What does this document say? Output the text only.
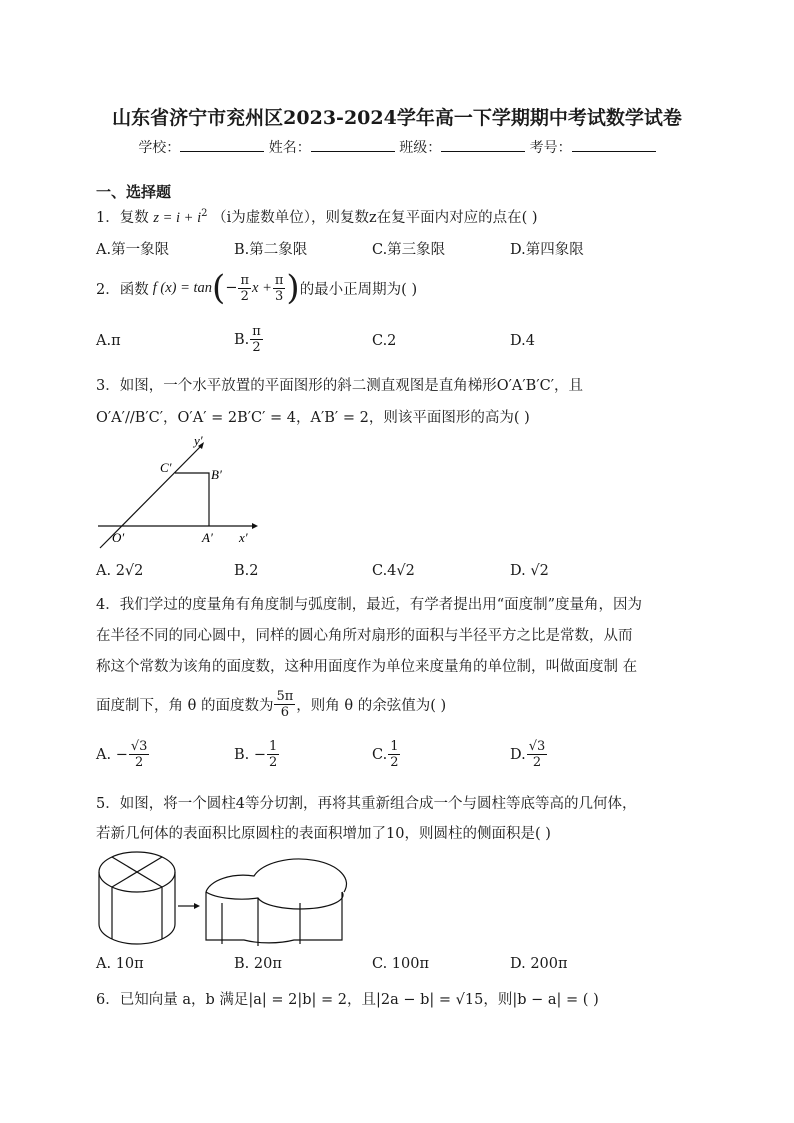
山东省济宁市兖州区2023-2024学年高一下学期期中考试数学试卷
学校：	姓名：	班级：	考号：
一、选择题
1．复数 $z = i + i^2$ （i为虚数单位），则复数z在复平面内对应的点在( )
A.第一象限	B.第二象限	C.第三象限	D.第四象限
2．函数 f (x) = tan ( − $\frac{\pi}{2}$ $x + \frac{\pi}{3}$ ) 的最小正周期为( )
A.π	B. $\frac{\pi}{2}$	C.2	D.4
3．如图，一个水平放置的平面图形的斜二测直观图是直角梯形O′A′B′C′，且
O′A′//B′C′，O′A′ = 2B′C′ = 4，A′B′ = 2，则该平面图形的高为( )
y′
x′
O′	A′
B′
C′
A. 2√2	B.2	C.4√2	D. √2
4．我们学过的度量角有角度制与弧度制，最近，有学者提出用“面度制”度量角，因为
在半径不同的同心圆中，同样的圆心角所对扇形的面积与半径平方之比是常数，从而
称这个常数为该角的面度数，这种用面度作为单位来度量角的单位制，叫做面度制 在
面度制下，角 θ 的面度数为 $\frac{5\pi}{6}$ ，则角 θ 的余弦值为( )
A. − $\frac{√3}{2}$	B. − $\frac{1}{2}$	C. $\frac{1}{2}$	D. $\frac{√3}{2}$
5．如图，将一个圆柱4等分切割，再将其重新组合成一个与圆柱等底等高的几何体，
若新几何体的表面积比原圆柱的表面积增加了10，则圆柱的侧面积是( )
A. 10π	B. 20π	C. 100π	D. 200π
6．已知向量 a，b 满足|a| = 2|b| = 2，且|2a − b| = √15，则|b − a| = ( )
